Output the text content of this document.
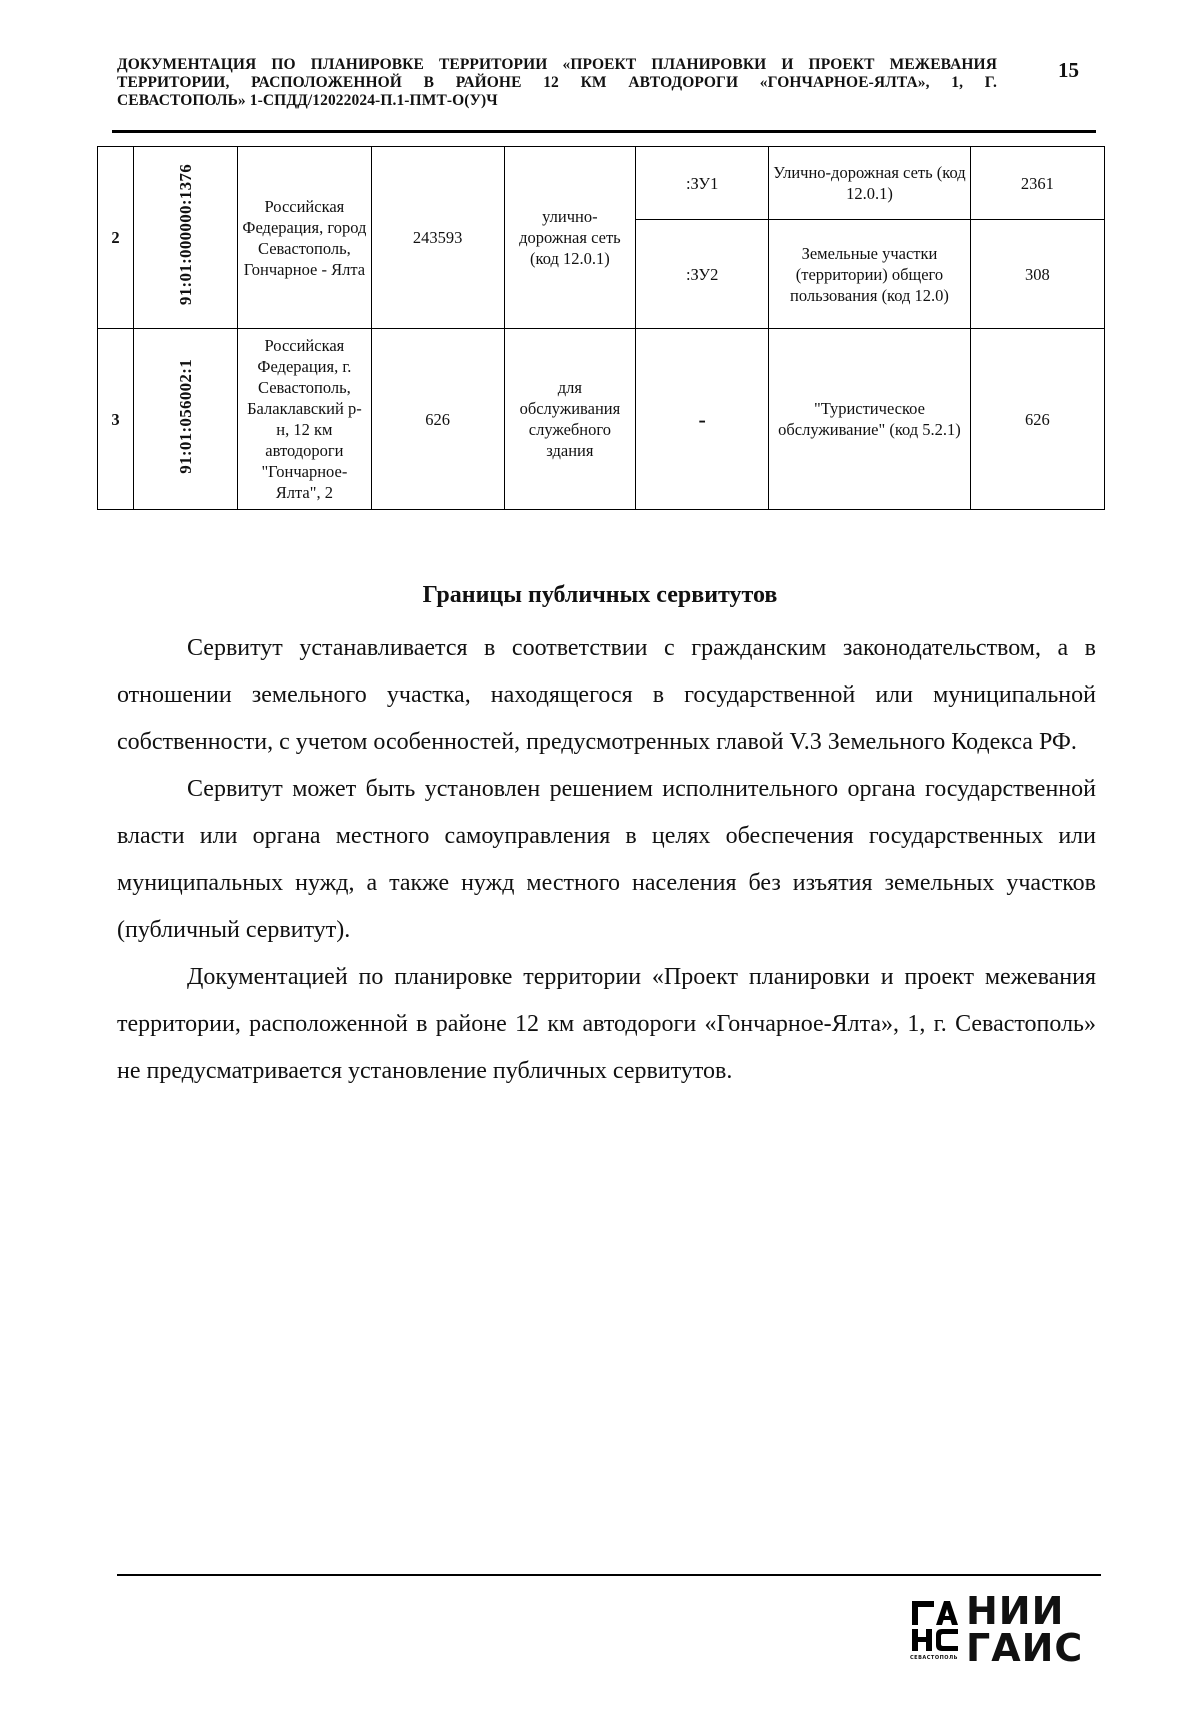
ДОКУМЕНТАЦИЯ ПО ПЛАНИРОВКЕ ТЕРРИТОРИИ «ПРОЕКТ ПЛАНИРОВКИ И ПРОЕКТ МЕЖЕВАНИЯ
ТЕРРИТОРИИ, РАСПОЛОЖЕННОЙ В РАЙОНЕ 12 КМ АВТОДОРОГИ «ГОНЧАРНОЕ-ЯЛТА», 1, Г.
СЕВАСТОПОЛЬ» 1-СПДД/12022024-П.1-ПМТ-О(У)Ч
15
2	91:01:000000:1376	Российская Федерация, город Севастополь, Гончарное - Ялта	243593	улично-дорожная сеть (код 12.0.1)	:ЗУ1	Улично-дорожная сеть (код 12.0.1)	2361
					:ЗУ2	Земельные участки (территории) общего пользования (код 12.0)	308
3	91:01:056002:1	Российская Федерация, г. Севастополь, Балаклавский р-н, 12 км автодороги "Гончарное-Ялта", 2	626	для обслуживания служебного здания	-	"Туристическое обслуживание" (код 5.2.1)	626
Границы публичных сервитутов

Сервитут устанавливается в соответствии с гражданским законодательством, а в отношении земельного участка, находящегося в государственной или муниципальной собственности, с учетом особенностей, предусмотренных главой V.3 Земельного Кодекса РФ.

Сервитут может быть установлен решением исполнительного органа государственной власти или органа местного самоуправления в целях обеспечения государственных или муниципальных нужд, а также нужд местного населения без изъятия земельных участков (публичный сервитут).

Документацией по планировке территории «Проект планировки и проект межевания территории, расположенной в районе 12 км автодороги «Гончарное-Ялта», 1, г. Севастополь» не предусматривается установление публичных сервитутов.

СЕВАСТОПОЛЬ
НИИ
ГАИС
